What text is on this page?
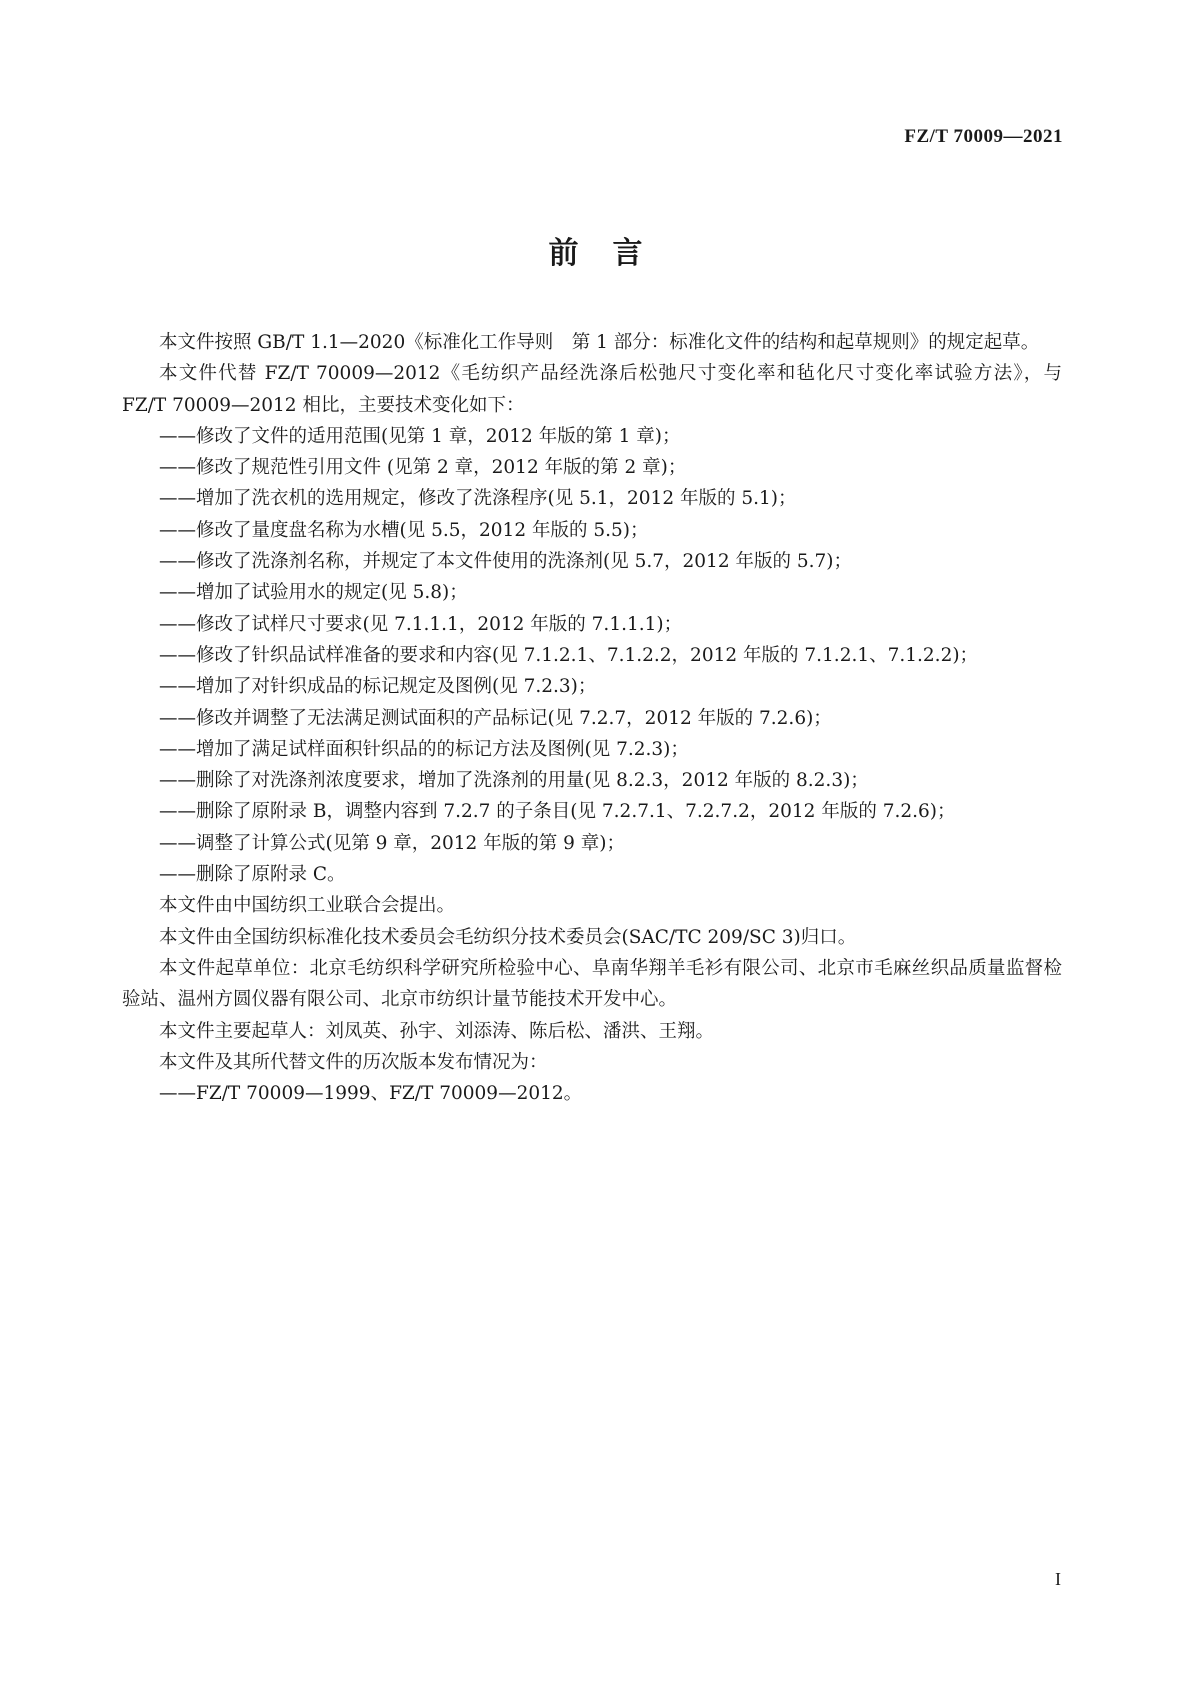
FZ/T 70009—2021
前言

本文件按照 GB/T 1.1—2020《标准化工作导则　第 1 部分：标准化文件的结构和起草规则》的规定起草。

本文件代替 FZ/T 70009—2012《毛纺织产品经洗涤后松弛尺寸变化率和毡化尺寸变化率试验方法》，与 FZ/T 70009—2012 相比，主要技术变化如下：

——修改了文件的适用范围(见第 1 章，2012 年版的第 1 章)；

——修改了规范性引用文件 (见第 2 章，2012 年版的第 2 章)；

——增加了洗衣机的选用规定，修改了洗涤程序(见 5.1，2012 年版的 5.1)；

——修改了量度盘名称为水槽(见 5.5，2012 年版的 5.5)；

——修改了洗涤剂名称，并规定了本文件使用的洗涤剂(见 5.7，2012 年版的 5.7)；

——增加了试验用水的规定(见 5.8)；

——修改了试样尺寸要求(见 7.1.1.1，2012 年版的 7.1.1.1)；

——修改了针织品试样准备的要求和内容(见 7.1.2.1、7.1.2.2，2012 年版的 7.1.2.1、7.1.2.2)；

——增加了对针织成品的标记规定及图例(见 7.2.3)；

——修改并调整了无法满足测试面积的产品标记(见 7.2.7，2012 年版的 7.2.6)；

——增加了满足试样面积针织品的的标记方法及图例(见 7.2.3)；

——删除了对洗涤剂浓度要求，增加了洗涤剂的用量(见 8.2.3，2012 年版的 8.2.3)；

——删除了原附录 B，调整内容到 7.2.7 的子条目(见 7.2.7.1、7.2.7.2，2012 年版的 7.2.6)；

——调整了计算公式(见第 9 章，2012 年版的第 9 章)；

——删除了原附录 C。

本文件由中国纺织工业联合会提出。

本文件由全国纺织标准化技术委员会毛纺织分技术委员会(SAC/TC 209/SC 3)归口。

本文件起草单位：北京毛纺织科学研究所检验中心、阜南华翔羊毛衫有限公司、北京市毛麻丝织品质量监督检验站、温州方圆仪器有限公司、北京市纺织计量节能技术开发中心。

本文件主要起草人：刘凤英、孙宇、刘添涛、陈后松、潘洪、王翔。

本文件及其所代替文件的历次版本发布情况为：

——FZ/T 70009—1999、FZ/T 70009—2012。

I
